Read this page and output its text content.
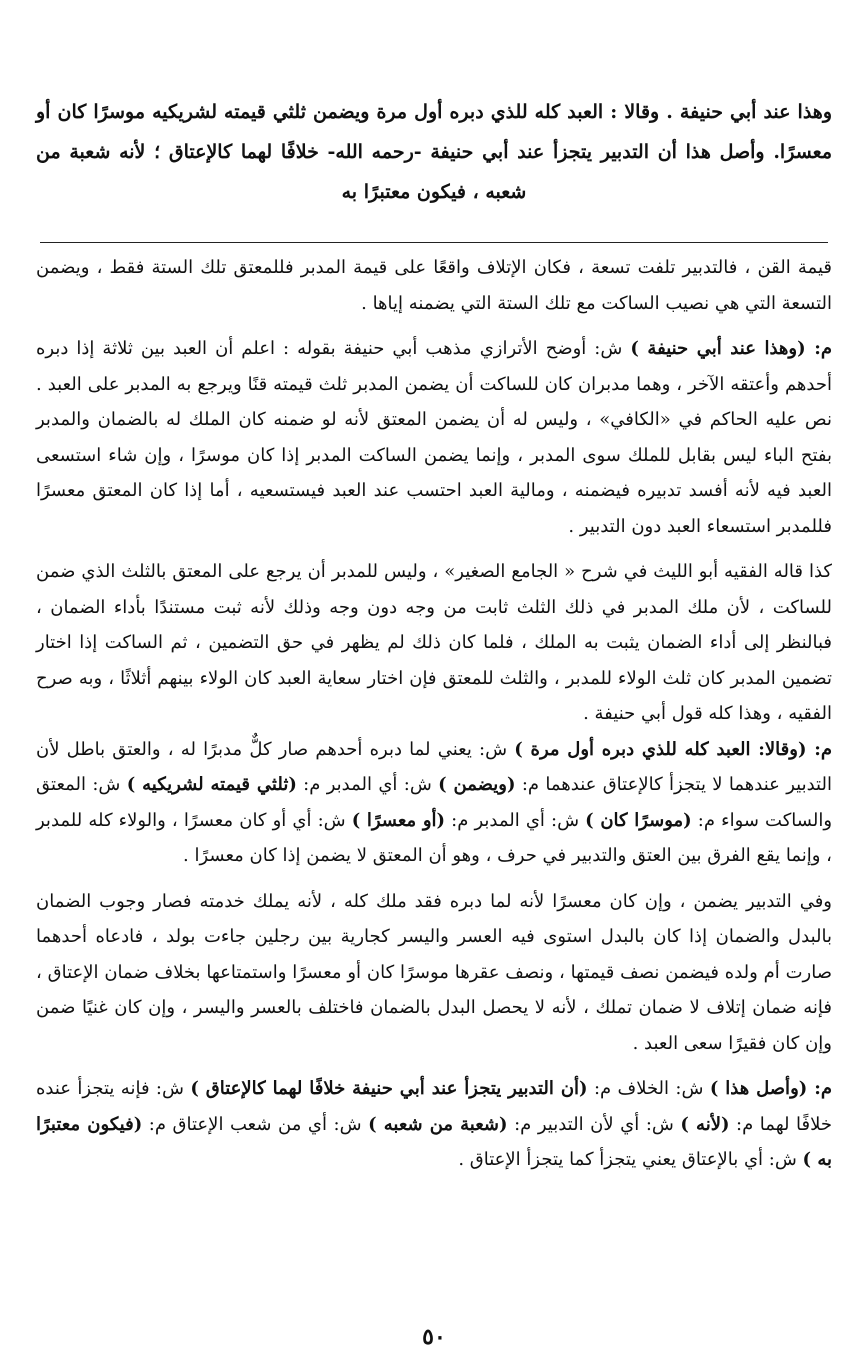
وهذا عند أبي حنيفة . وقالا : العبد كله للذي دبره أول مرة ويضمن ثلثي قيمته لشريكيه موسرًا كان أو معسرًا. وأصل هذا أن التدبير يتجزأ عند أبي حنيفة -رحمه الله- خلافًا لهما كالإعتاق ؛ لأنه شعبة من شعبه ، فيكون معتبرًا به

قيمة القن ، فالتدبير تلفت تسعة ، فكان الإتلاف واقعًا على قيمة المدبر فللمعتق تلك الستة فقط ، ويضمن التسعة التي هي نصيب الساكت مع تلك الستة التي يضمنه إياها .

م: (وهذا عند أبي حنيفة ) ش: أوضح الأترازي مذهب أبي حنيفة بقوله : اعلم أن العبد بين ثلاثة إذا دبره أحدهم وأعتقه الآخر ، وهما مدبران كان للساكت أن يضمن المدبر ثلث قيمته قنًا ويرجع به المدبر على العبد . نص عليه الحاكم في «الكافي» ، وليس له أن يضمن المعتق لأنه لو ضمنه كان الملك له بالضمان والمدبر بفتح الباء ليس بقابل للملك سوى المدبر ، وإنما يضمن الساكت المدبر إذا كان موسرًا ، وإن شاء استسعى العبد فيه لأنه أفسد تدبيره فيضمنه ، ومالية العبد احتسب عند العبد فيستسعيه ، أما إذا كان المعتق معسرًا فللمدبر استسعاء العبد دون التدبير .

كذا قاله الفقيه أبو الليث في شرح « الجامع الصغير» ، وليس للمدبر أن يرجع على المعتق بالثلث الذي ضمن للساكت ، لأن ملك المدبر في ذلك الثلث ثابت من وجه دون وجه وذلك لأنه ثبت مستندًا بأداء الضمان ، فبالنظر إلى أداء الضمان يثبت به الملك ، فلما كان ذلك لم يظهر في حق التضمين ، ثم الساكت إذا اختار تضمين المدبر كان ثلث الولاء للمدبر ، والثلث للمعتق فإن اختار سعاية العبد كان الولاء بينهم أثلاثًا ، وبه صرح الفقيه ، وهذا كله قول أبي حنيفة .

م: (وقالا: العبد كله للذي دبره أول مرة ) ش: يعني لما دبره أحدهم صار كلٌّ مدبرًا له ، والعتق باطل لأن التدبير عندهما لا يتجزأ كالإعتاق عندهما م: (ويضمن ) ش: أي المدبر م: (ثلثي قيمته لشريكيه ) ش: المعتق والساكت سواء م: (موسرًا كان ) ش: أي المدبر م: (أو معسرًا ) ش: أي أو كان معسرًا ، والولاء كله للمدبر ، وإنما يقع الفرق بين العتق والتدبير في حرف ، وهو أن المعتق لا يضمن إذا كان معسرًا .

وفي التدبير يضمن ، وإن كان معسرًا لأنه لما دبره فقد ملك كله ، لأنه يملك خدمته فصار وجوب الضمان بالبدل والضمان إذا كان بالبدل استوى فيه العسر واليسر كجارية بين رجلين جاءت بولد ، فادعاه أحدهما صارت أم ولده فيضمن نصف قيمتها ، ونصف عقرها موسرًا كان أو معسرًا واستمتاعها بخلاف ضمان الإعتاق ، فإنه ضمان إتلاف لا ضمان تملك ، لأنه لا يحصل البدل بالضمان فاختلف بالعسر واليسر ، وإن كان غنيًا ضمن وإن كان فقيرًا سعى العبد .

م: (وأصل هذا ) ش: الخلاف م: (أن التدبير يتجزأ عند أبي حنيفة خلافًا لهما كالإعتاق ) ش: فإنه يتجزأ عنده خلافًا لهما م: (لأنه ) ش: أي لأن التدبير م: (شعبة من شعبه ) ش: أي من شعب الإعتاق م: (فيكون معتبرًا به ) ش: أي بالإعتاق يعني يتجزأ كما يتجزأ الإعتاق .

٥٠
